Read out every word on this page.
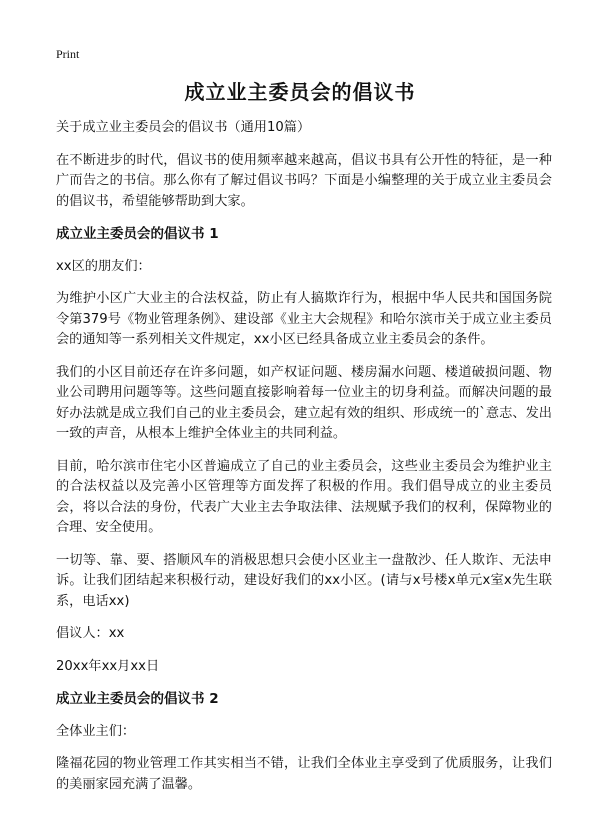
Print
成立业主委员会的倡议书

关于成立业主委员会的倡议书（通用10篇）

在不断进步的时代，倡议书的使用频率越来越高，倡议书具有公开性的特征，是一种广而告之的书信。那么你有了解过倡议书吗？下面是小编整理的关于成立业主委员会的倡议书，希望能够帮助到大家。

成立业主委员会的倡议书 1

xx区的朋友们：

为维护小区广大业主的合法权益，防止有人搞欺诈行为，根据中华人民共和国国务院令第379号《物业管理条例》、建设部《业主大会规程》和哈尔滨市关于成立业主委员会的通知等一系列相关文件规定，xx小区已经具备成立业主委员会的条件。

我们的小区目前还存在许多问题，如产权证问题、楼房漏水问题、楼道破损问题、物业公司聘用问题等等。这些问题直接影响着每一位业主的切身利益。而解决问题的最好办法就是成立我们自己的业主委员会，建立起有效的组织、形成统一的`意志、发出一致的声音，从根本上维护全体业主的共同利益。

目前，哈尔滨市住宅小区普遍成立了自己的业主委员会，这些业主委员会为维护业主的合法权益以及完善小区管理等方面发挥了积极的作用。我们倡导成立的业主委员会，将以合法的身份，代表广大业主去争取法律、法规赋予我们的权利，保障物业的合理、安全使用。

一切等、靠、要、搭顺风车的消极思想只会使小区业主一盘散沙、任人欺诈、无法申诉。让我们团结起来积极行动，建设好我们的xx小区。(请与x号楼x单元x室x先生联系，电话xx)

倡议人：xx

20xx年xx月xx日

成立业主委员会的倡议书 2

全体业主们：

隆福花园的物业管理工作其实相当不错，让我们全体业主享受到了优质服务，让我们的美丽家园充满了温馨。
